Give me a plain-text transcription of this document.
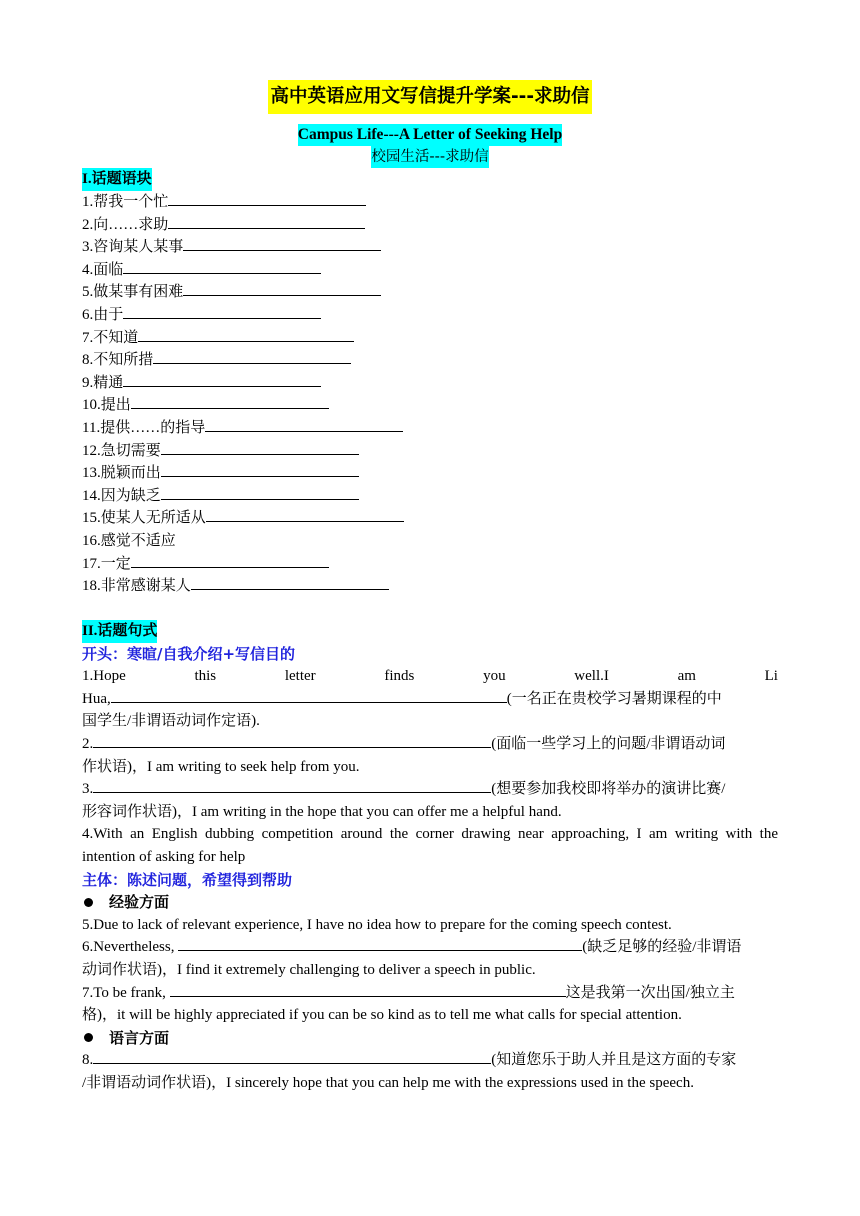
高中英语应用文写信提升学案---求助信
Campus Life---A Letter of Seeking Help
校园生活---求助信
I.话题语块
1.帮我一个忙
2.向……求助
3.咨询某人某事
4.面临
5.做某事有困难
6.由于
7.不知道
8.不知所措
9.精通
10.提出
11.提供……的指导
12.急切需要
13.脱颖而出
14.因为缺乏
15.使某人无所适从
16.感觉不适应
17.一定
18.非常感谢某人
II.话题句式
开头：寒暄/自我介绍+写信目的
1.Hope	this	letter	finds	you	well.I	am	Li
Hua,	(一名正在贵校学习暑期课程的中
国学生/非谓语动词作定语).
2.	(面临一些学习上的问题/非谓语动词
作状语)，I am writing to seek help from you.
3.	(想要参加我校即将举办的演讲比赛/
形容词作状语)，I am writing in the hope that you can offer me a helpful hand.
4.With an English dubbing competition around the corner drawing near approaching, I am writing with the intention of asking for help
主体：陈述问题，希望得到帮助
经验方面
5.Due to lack of relevant experience, I have no idea how to prepare for the coming speech contest.
6.Nevertheless,	(缺乏足够的经验/非谓语
动词作状语)，I find it extremely challenging to deliver a speech in public.
7.To be frank,	这是我第一次出国/独立主
格)，it will be highly appreciated if you can be so kind as to tell me what calls for special attention.
语言方面
8.	(知道您乐于助人并且是这方面的专家
/非谓语动词作状语)，I sincerely hope that you can help me with the expressions used in the speech.
